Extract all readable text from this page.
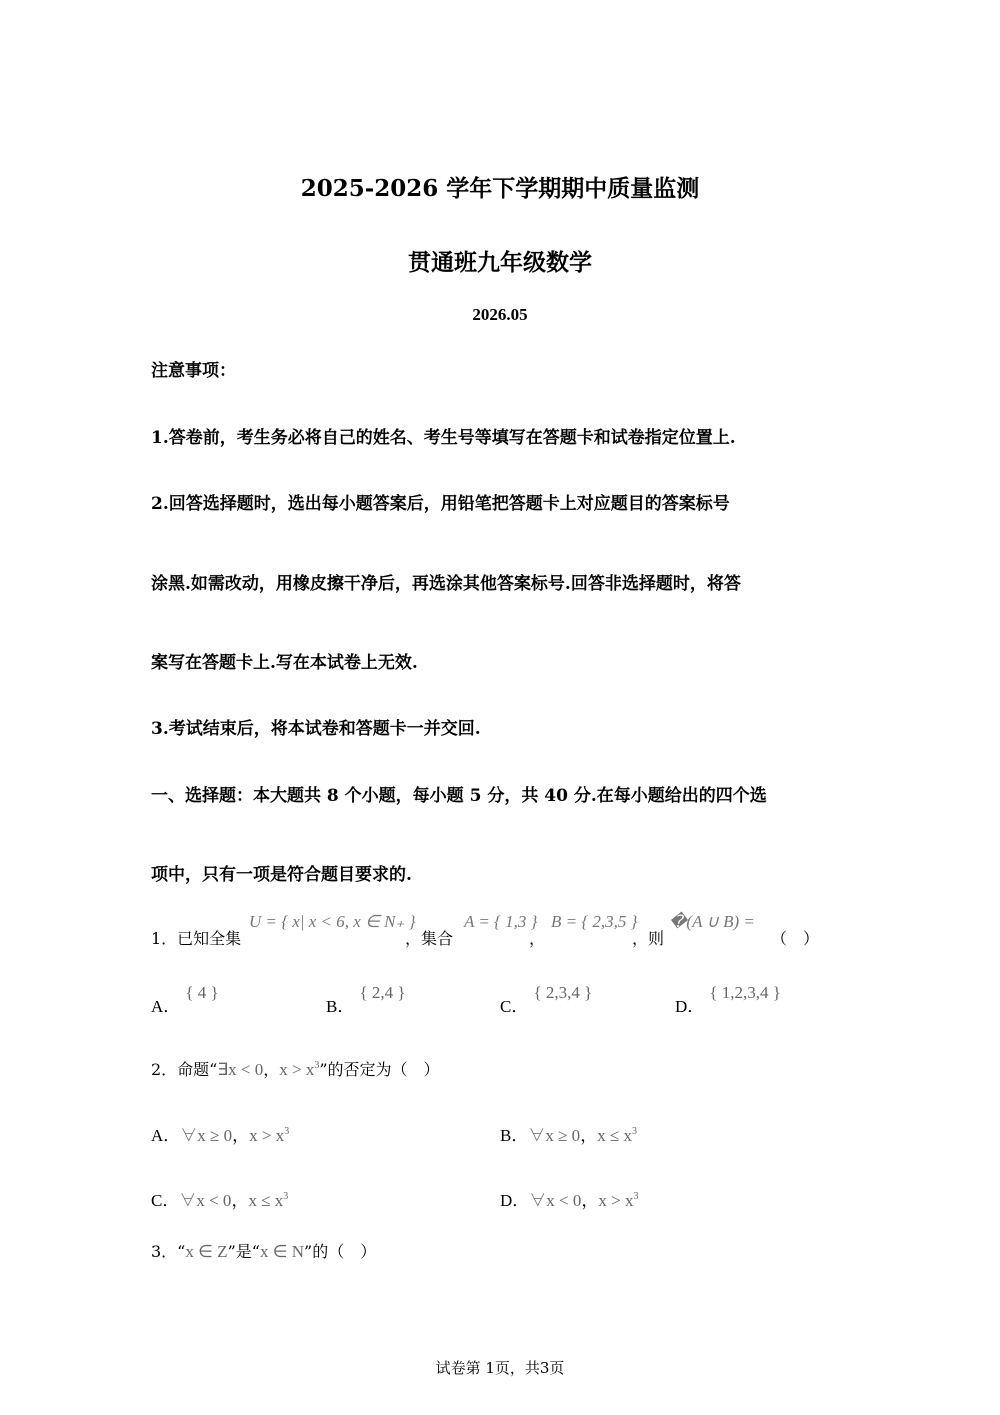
2025-2026 学年下学期期中质量监测
贯通班九年级数学
2026.05
注意事项：
1.答卷前，考生务必将自己的姓名、考生号等填写在答题卡和试卷指定位置上.
2.回答选择题时，选出每小题答案后，用铅笔把答题卡上对应题目的答案标号
涂黑.如需改动，用橡皮擦干净后，再选涂其他答案标号.回答非选择题时，将答
案写在答题卡上.写在本试卷上无效.
3.考试结束后，将本试卷和答题卡一并交回.
一、选择题：本大题共 8 个小题，每小题 5 分，共 40 分.在每小题给出的四个选
项中，只有一项是符合题目要求的.
1．已知全集
U = { x| x < 6, x ∈ N₊ }
，集合
A = { 1,3 }
，
B = { 2,3,5 }
，则
�(A ∪ B) =
（　）
A． { 4 }
B． { 2,4 }
C． { 2,3,4 }
D． { 1,2,3,4 }
2．命题“∃x < 0，$x > x^3$”的否定为（　）
A．∀x ≥ 0，$x > x^3$	B．∀x ≥ 0，$x \le x^3$
C．∀x < 0，$x \le x^3$	D．∀x < 0，$x > x^3$
3．“x ∈ Z”是“x ∈ N”的（　）
试卷第 1页，共3页
